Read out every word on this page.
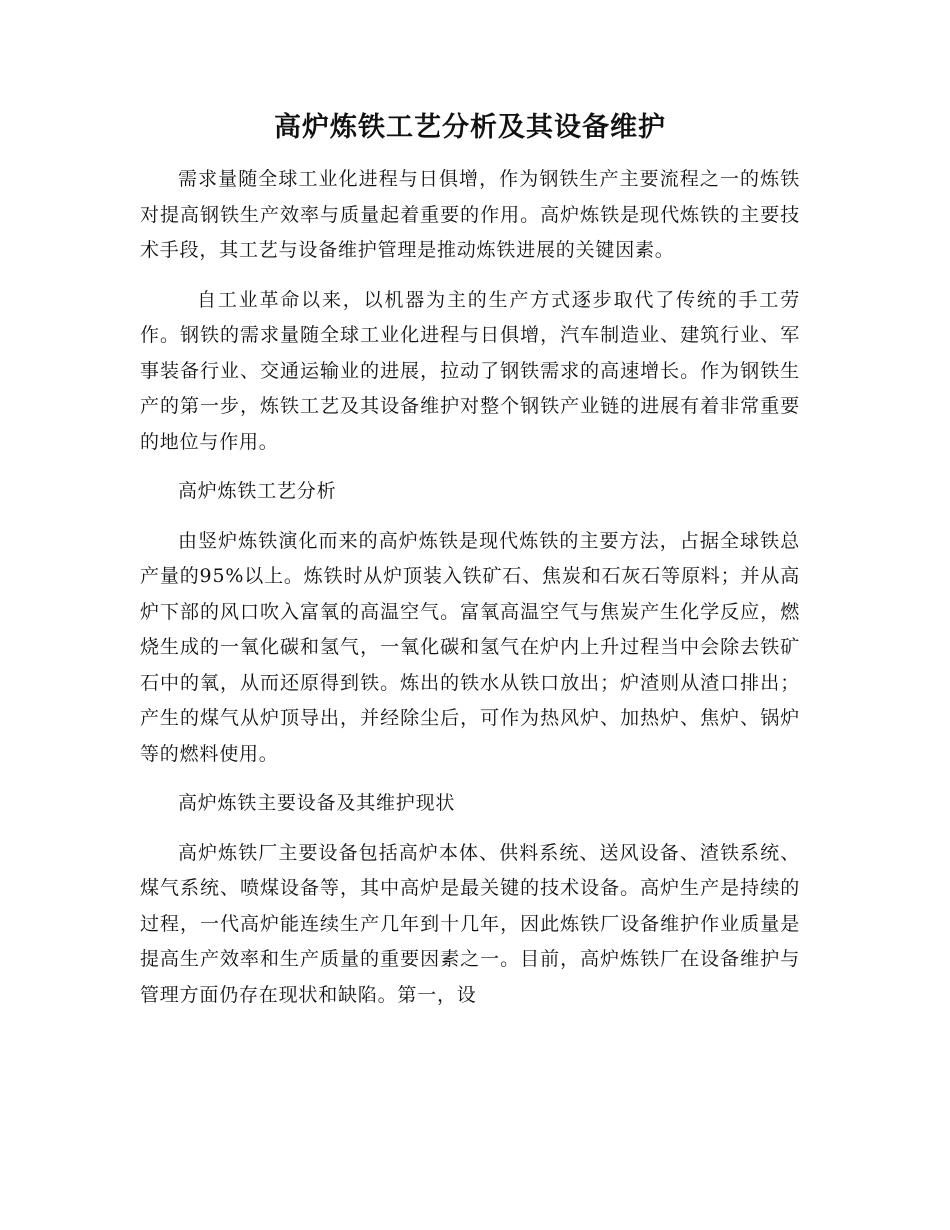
高炉炼铁工艺分析及其设备维护

需求量随全球工业化进程与日俱增，作为钢铁生产主要流程之一的炼铁对提高钢铁生产效率与质量起着重要的作用。高炉炼铁是现代炼铁的主要技术手段，其工艺与设备维护管理是推动炼铁进展的关键因素。

自工业革命以来，以机器为主的生产方式逐步取代了传统的手工劳作。钢铁的需求量随全球工业化进程与日俱增，汽车制造业、建筑行业、军事装备行业、交通运输业的进展，拉动了钢铁需求的高速增长。作为钢铁生产的第一步，炼铁工艺及其设备维护对整个钢铁产业链的进展有着非常重要的地位与作用。

高炉炼铁工艺分析

由竖炉炼铁演化而来的高炉炼铁是现代炼铁的主要方法，占据全球铁总产量的95%以上。炼铁时从炉顶装入铁矿石、焦炭和石灰石等原料；并从高炉下部的风口吹入富氧的高温空气。富氧高温空气与焦炭产生化学反应，燃烧生成的一氧化碳和氢气，一氧化碳和氢气在炉内上升过程当中会除去铁矿石中的氧，从而还原得到铁。炼出的铁水从铁口放出；炉渣则从渣口排出；产生的煤气从炉顶导出，并经除尘后，可作为热风炉、加热炉、焦炉、锅炉等的燃料使用。

高炉炼铁主要设备及其维护现状

高炉炼铁厂主要设备包括高炉本体、供料系统、送风设备、渣铁系统、煤气系统、喷煤设备等，其中高炉是最关键的技术设备。高炉生产是持续的过程，一代高炉能连续生产几年到十几年，因此炼铁厂设备维护作业质量是提高生产效率和生产质量的重要因素之一。目前，高炉炼铁厂在设备维护与管理方面仍存在现状和缺陷。第一，设
